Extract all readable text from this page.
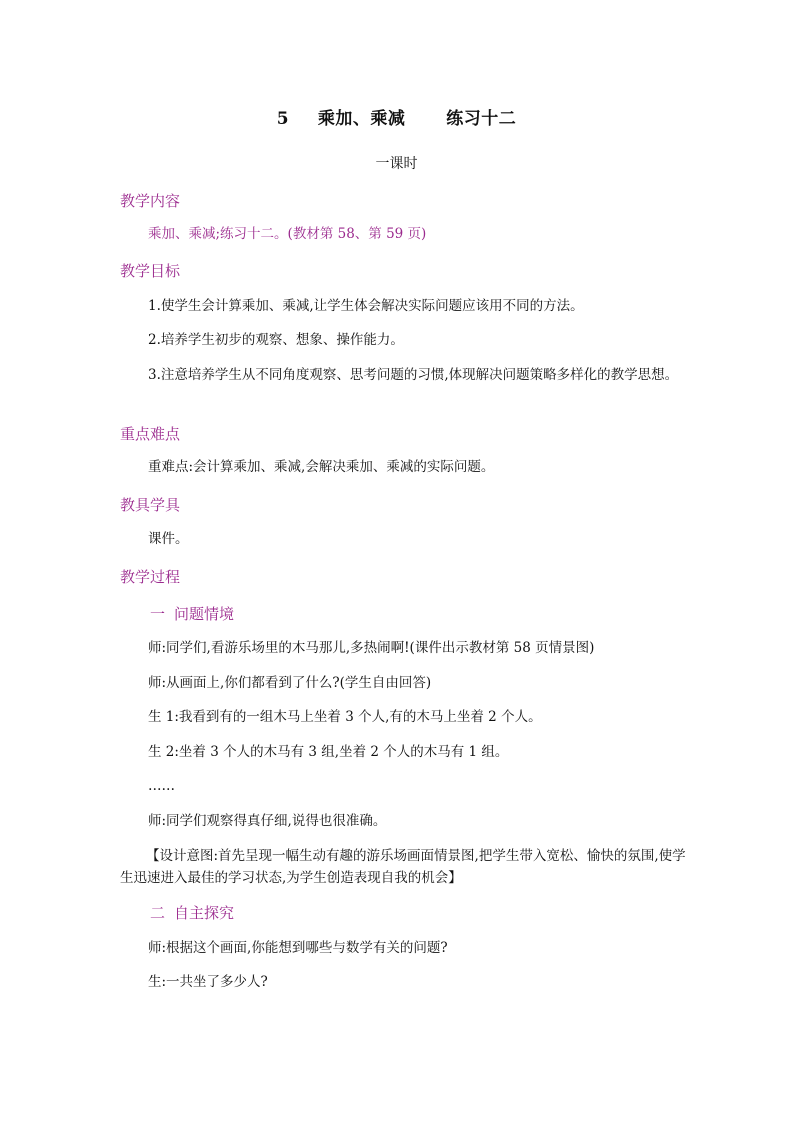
5 乘加、乘减 练习十二
一课时
教学内容
乘加、乘减;练习十二。(教材第 58、第 59 页)
教学目标
1.使学生会计算乘加、乘减,让学生体会解决实际问题应该用不同的方法。
2.培养学生初步的观察、想象、操作能力。
3.注意培养学生从不同角度观察、思考问题的习惯,体现解决问题策略多样化的教学思想。
重点难点
重难点:会计算乘加、乘减,会解决乘加、乘减的实际问题。
教具学具
课件。
教学过程
一 问题情境
师:同学们,看游乐场里的木马那儿,多热闹啊!(课件出示教材第 58 页情景图)
师:从画面上,你们都看到了什么?(学生自由回答)
生 1:我看到有的一组木马上坐着 3 个人,有的木马上坐着 2 个人。
生 2:坐着 3 个人的木马有 3 组,坐着 2 个人的木马有 1 组。
……
师:同学们观察得真仔细,说得也很准确。
【设计意图:首先呈现一幅生动有趣的游乐场画面情景图,把学生带入宽松、愉快的氛围,使学生迅速进入最佳的学习状态,为学生创造表现自我的机会】
二 自主探究
师:根据这个画面,你能想到哪些与数学有关的问题?
生:一共坐了多少人?
